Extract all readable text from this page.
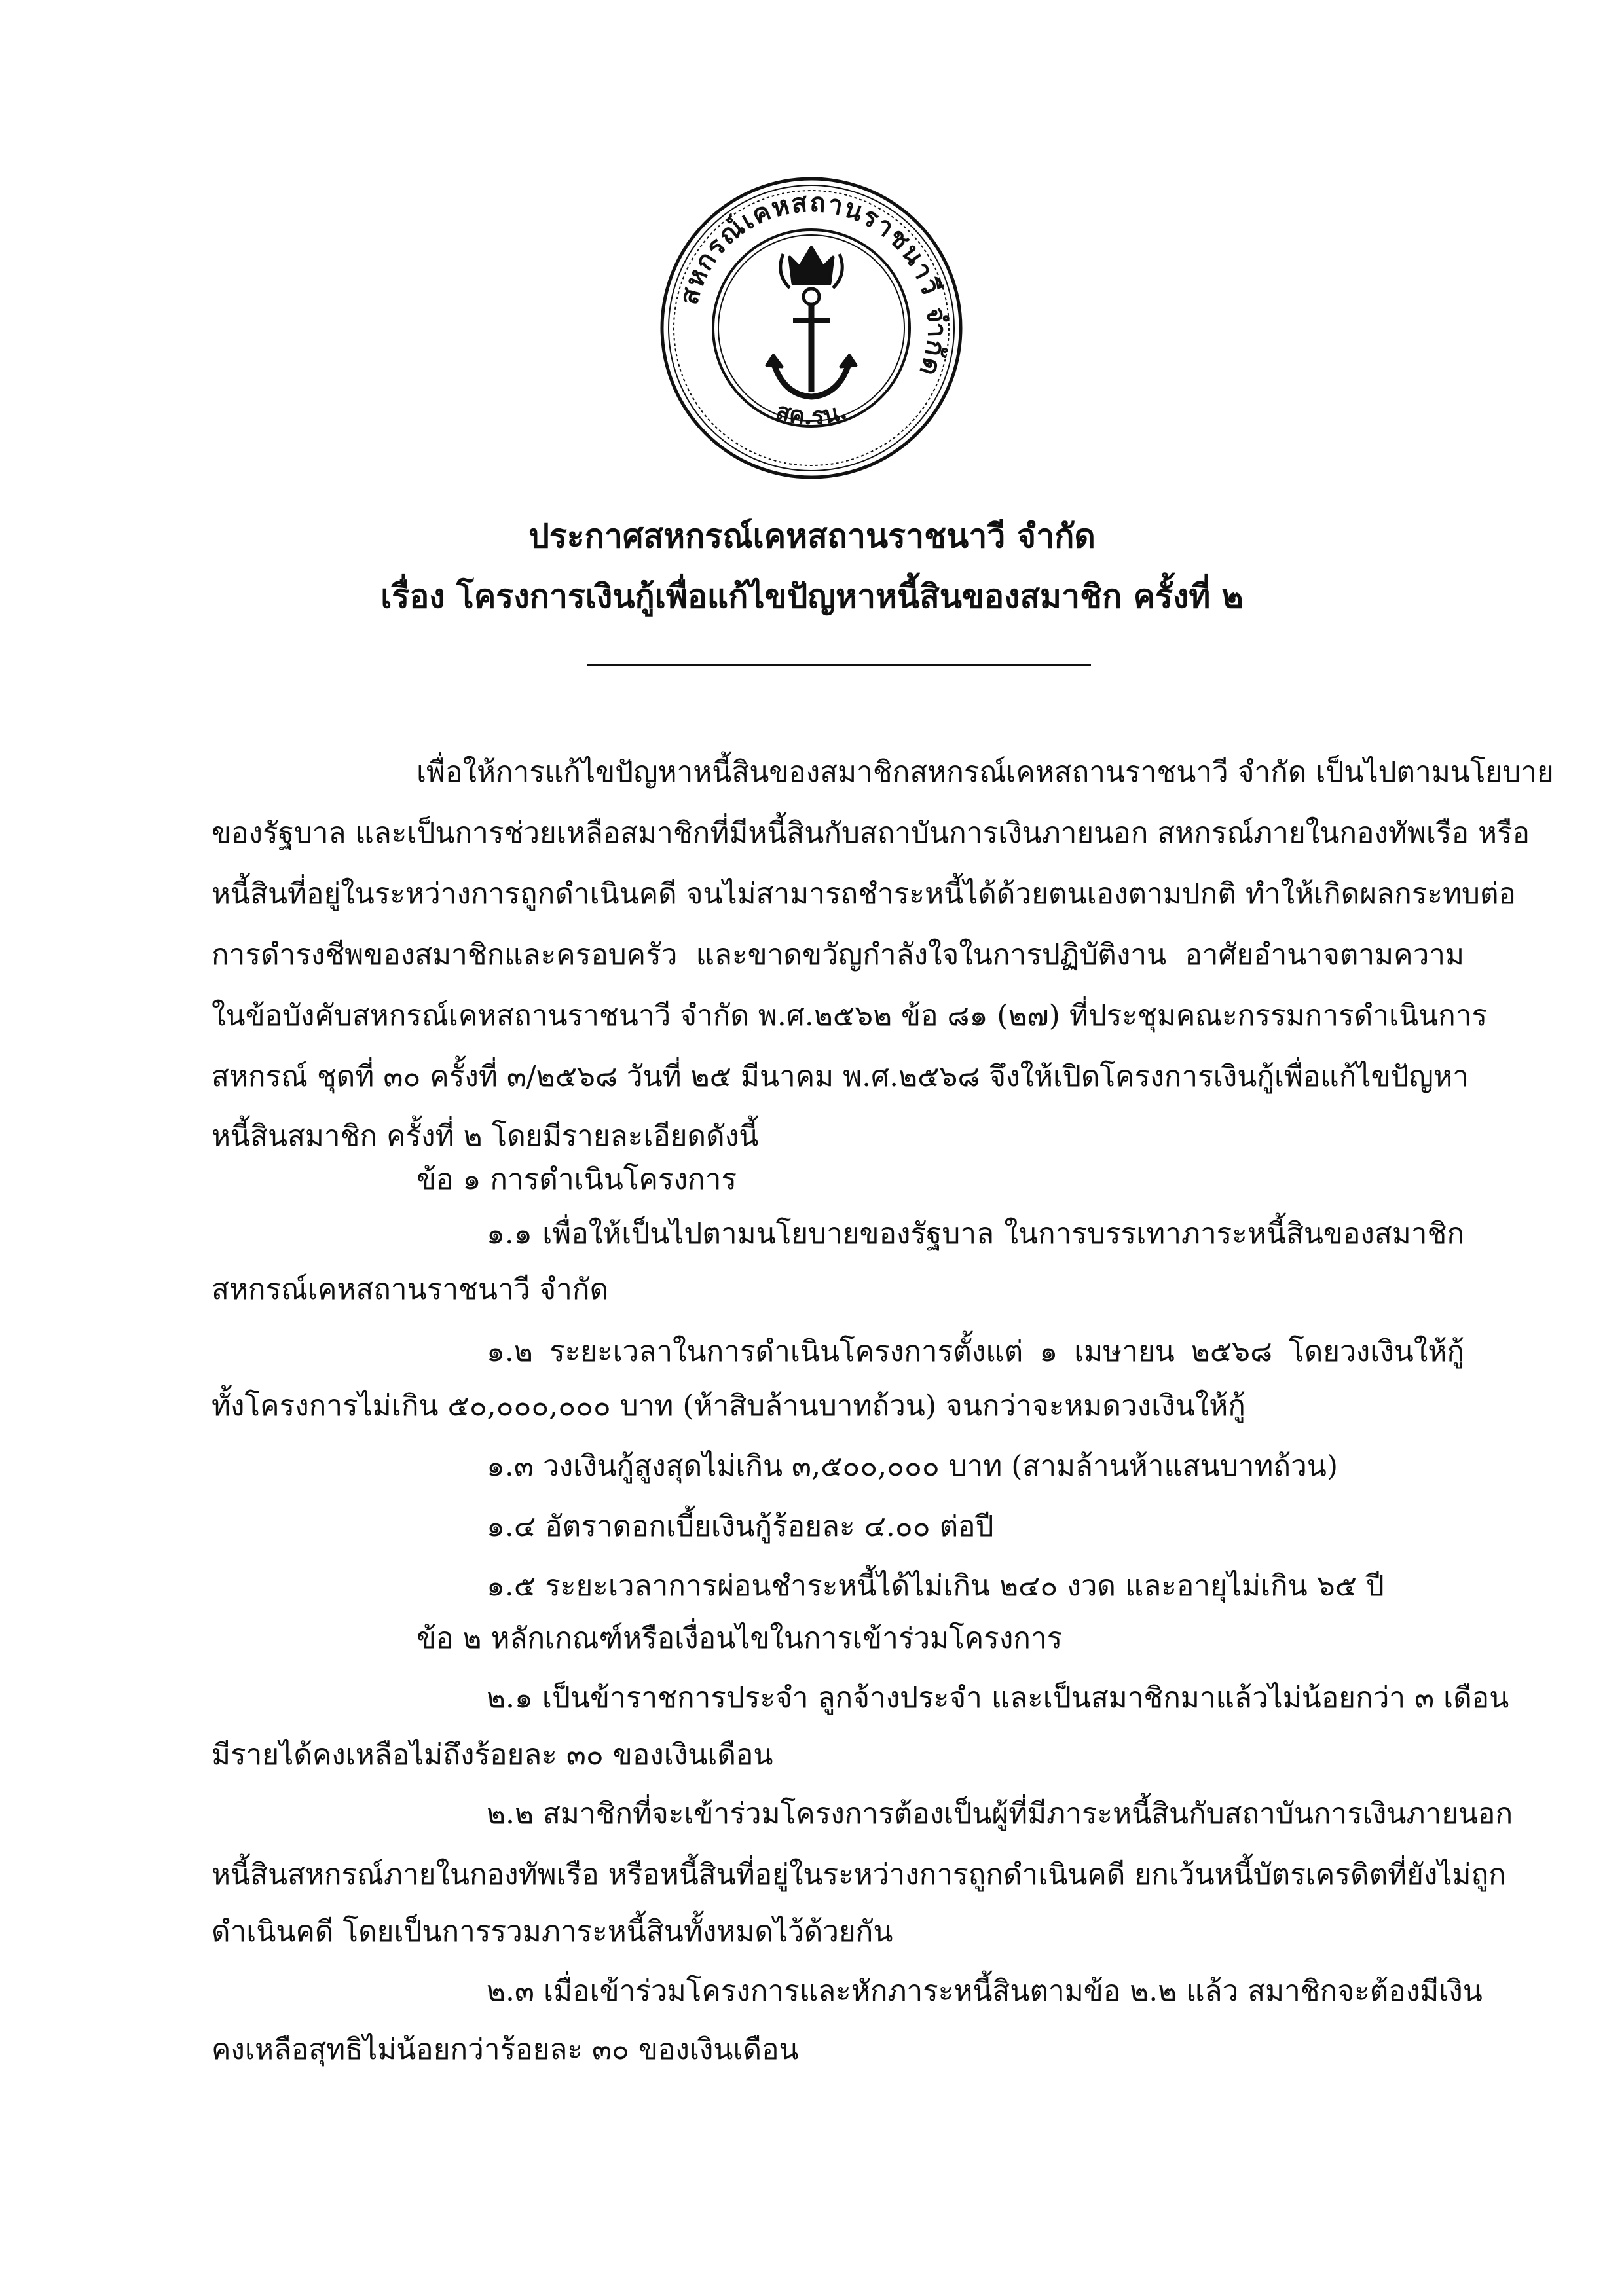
สหกรณ์เคหสถานราชนาวี จำกัด
สค.รน.
ประกาศสหกรณ์เคหสถานราชนาวี จำกัด
เรื่อง โครงการเงินกู้เพื่อแก้ไขปัญหาหนี้สินของสมาชิก ครั้งที่ ๒
เพื่อให้การแก้ไขปัญหาหนี้สินของสมาชิกสหกรณ์เคหสถานราชนาวี จำกัด เป็นไปตามนโยบาย
ของรัฐบาล และเป็นการช่วยเหลือสมาชิกที่มีหนี้สินกับสถาบันการเงินภายนอก สหกรณ์ภายในกองทัพเรือ หรือ
หนี้สินที่อยู่ในระหว่างการถูกดำเนินคดี จนไม่สามารถชำระหนี้ได้ด้วยตนเองตามปกติ ทำให้เกิดผลกระทบต่อ
การดำรงชีพของสมาชิกและครอบครัว และขาดขวัญกำลังใจในการปฏิบัติงาน อาศัยอำนาจตามความ
ในข้อบังคับสหกรณ์เคหสถานราชนาวี จำกัด พ.ศ.๒๕๖๒ ข้อ ๘๑ (๒๗) ที่ประชุมคณะกรรมการดำเนินการ
สหกรณ์ ชุดที่ ๓๐ ครั้งที่ ๓/๒๕๖๘ วันที่ ๒๕ มีนาคม พ.ศ.๒๕๖๘ จึงให้เปิดโครงการเงินกู้เพื่อแก้ไขปัญหา
หนี้สินสมาชิก ครั้งที่ ๒ โดยมีรายละเอียดดังนี้
ข้อ ๑ การดำเนินโครงการ
๑.๑ เพื่อให้เป็นไปตามนโยบายของรัฐบาล ในการบรรเทาภาระหนี้สินของสมาชิก
สหกรณ์เคหสถานราชนาวี จำกัด
๑.๒ ระยะเวลาในการดำเนินโครงการตั้งแต่ ๑ เมษายน ๒๕๖๘ โดยวงเงินให้กู้
ทั้งโครงการไม่เกิน ๕๐,๐๐๐,๐๐๐ บาท (ห้าสิบล้านบาทถ้วน) จนกว่าจะหมดวงเงินให้กู้
๑.๓ วงเงินกู้สูงสุดไม่เกิน ๓,๕๐๐,๐๐๐ บาท (สามล้านห้าแสนบาทถ้วน)
๑.๔ อัตราดอกเบี้ยเงินกู้ร้อยละ ๔.๐๐ ต่อปี
๑.๕ ระยะเวลาการผ่อนชำระหนี้ได้ไม่เกิน ๒๔๐ งวด และอายุไม่เกิน ๖๕ ปี
ข้อ ๒ หลักเกณฑ์หรือเงื่อนไขในการเข้าร่วมโครงการ
๒.๑ เป็นข้าราชการประจำ ลูกจ้างประจำ และเป็นสมาชิกมาแล้วไม่น้อยกว่า ๓ เดือน
มีรายได้คงเหลือไม่ถึงร้อยละ ๓๐ ของเงินเดือน
๒.๒ สมาชิกที่จะเข้าร่วมโครงการต้องเป็นผู้ที่มีภาระหนี้สินกับสถาบันการเงินภายนอก
หนี้สินสหกรณ์ภายในกองทัพเรือ หรือหนี้สินที่อยู่ในระหว่างการถูกดำเนินคดี ยกเว้นหนี้บัตรเครดิตที่ยังไม่ถูก
ดำเนินคดี โดยเป็นการรวมภาระหนี้สินทั้งหมดไว้ด้วยกัน
๒.๓ เมื่อเข้าร่วมโครงการและหักภาระหนี้สินตามข้อ ๒.๒ แล้ว สมาชิกจะต้องมีเงิน
คงเหลือสุทธิไม่น้อยกว่าร้อยละ ๓๐ ของเงินเดือน
